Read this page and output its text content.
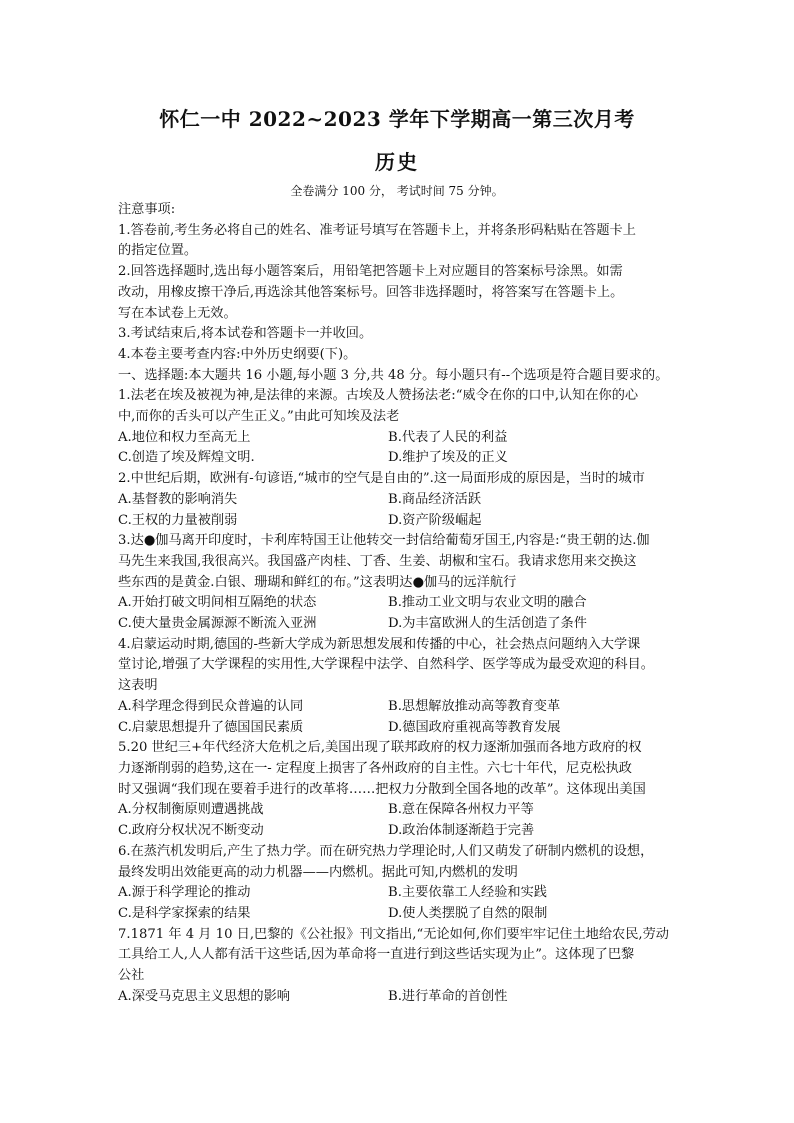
怀仁一中 2022~2023 学年下学期高一第三次月考
历史
全卷满分 100 分， 考试时间 75 分钟。

注意事项:

1.答卷前,考生务必将自己的姓名、准考证号填写在答题卡上，并将条形码粘贴在答题卡上

的指定位置。

2.回答选择题时,选出每小题答案后，用铅笔把答题卡上对应题目的答案标号涂黑。如需

改动，用橡皮擦干净后,再选涂其他答案标号。回答非选择题时，将答案写在答题卡上。

写在本试卷上无效。

3.考试结束后,将本试卷和答题卡一并收回。

4.本卷主要考查内容:中外历史纲要(下)。

一、选择题:本大题共 16 小题,每小题 3 分,共 48 分。每小题只有--个选项是符合题目要求的。

1.法老在埃及被视为神,是法律的来源。古埃及人赞扬法老:“威令在你的口中,认知在你的心

中,而你的舌头可以产生正义。”由此可知埃及法老

A.地位和权力至高无上	B.代表了人民的利益
C.创造了埃及辉煌文明.	D.维护了埃及的正义

2.中世纪后期，欧洲有-句谚语,“城市的空气是自由的”.这一局面形成的原因是，当时的城市

A.基督教的影响消失	B.商品经济活跃
C.王权的力量被削弱	D.资产阶级崛起

3.达●伽马离开印度时，卡利库特国王让他转交一封信给葡萄牙国王,内容是:“贵王朝的达.伽

马先生来我国,我很高兴。我国盛产肉桂、丁香、生姜、胡椒和宝石。我请求您用来交换这

些东西的是黄金.白银、珊瑚和鲜红的布。”这表明达●伽马的远洋航行

A.开始打破文明间相互隔绝的状态	B.推动工业文明与农业文明的融合
C.使大量贵金属源源不断流入亚洲	D.为丰富欧洲人的生活创造了条件

4.启蒙运动时期,德国的-些新大学成为新思想发展和传播的中心，社会热点问题纳入大学课

堂讨论,增强了大学课程的实用性,大学课程中法学、自然科学、医学等成为最受欢迎的科目。

这表明

A.科学理念得到民众普遍的认同	B.思想解放推动高等教育变革
C.启蒙思想提升了德国国民素质	D.德国政府重视高等教育发展

5.20 世纪三+年代经济大危机之后,美国出现了联邦政府的权力逐渐加强而各地方政府的权

力逐渐削弱的趋势,这在一- 定程度上损害了各州政府的自主性。六七十年代，尼克松执政

时又强调“我们现在要着手进行的改革将……把权力分散到全国各地的改革”。这体现出美国

A.分权制衡原则遭遇挑战	B.意在保障各州权力平等
C.政府分权状况不断变动	D.政治体制逐渐趋于完善

6.在蒸汽机发明后,产生了热力学。而在研究热力学理论时,人们又萌发了研制内燃机的设想，

最终发明出效能更高的动力机器——内燃机。据此可知,内燃机的发明

A.源于科学理论的推动	B.主要依靠工人经验和实践
C.是科学家探索的结果	D.使人类摆脱了自然的限制

7.1871 年 4 月 10 日,巴黎的《公社报》刊文指出,“无论如何,你们要牢牢记住土地给农民,劳动

工具给工人,人人都有活干这些话,因为革命将一直进行到这些话实现为止”。这体现了巴黎

公社

A.深受马克思主义思想的影响	B.进行革命的首创性
